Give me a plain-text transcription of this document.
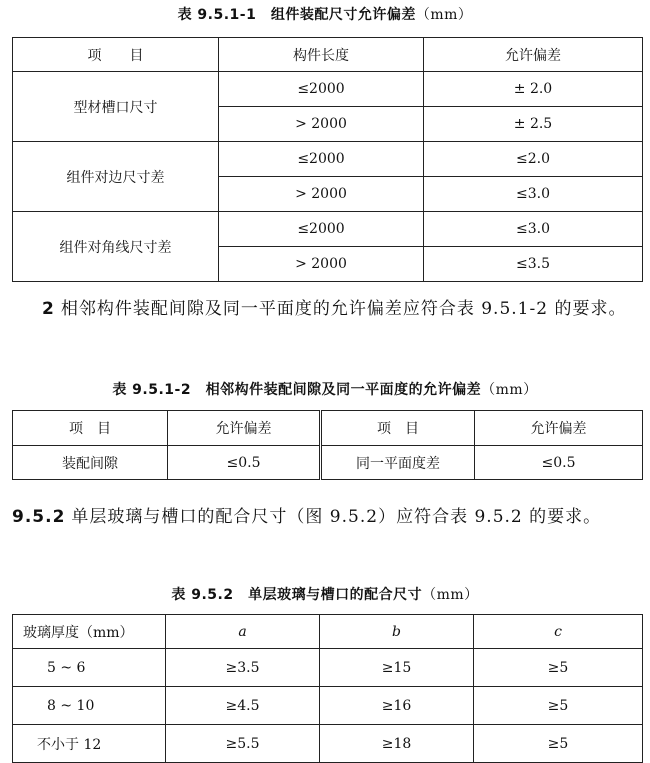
表 9.5.1-1　组件装配尺寸允许偏差（mm）
项　　目	构件长度	允许偏差
型材槽口尺寸	≤2000	± 2.0
	> 2000	± 2.5
组件对边尺寸差	≤2000	≤2.0
	> 2000	≤3.0
组件对角线尺寸差	≤2000	≤3.0
	> 2000	≤3.5
2 相邻构件装配间隙及同一平面度的允许偏差应符合表 9.5.1-2 的要求。
表 9.5.1-2　相邻构件装配间隙及同一平面度的允许偏差（mm）
项　目	允许偏差	项　目	允许偏差
装配间隙	≤0.5	同一平面度差	≤0.5
9.5.2 单层玻璃与槽口的配合尺寸（图 9.5.2）应符合表 9.5.2 的要求。
表 9.5.2　单层玻璃与槽口的配合尺寸（mm）
玻璃厚度（mm）	a	b	c
5 ~ 6	≥3.5	≥15	≥5
8 ~ 10	≥4.5	≥16	≥5
不小于 12	≥5.5	≥18	≥5
